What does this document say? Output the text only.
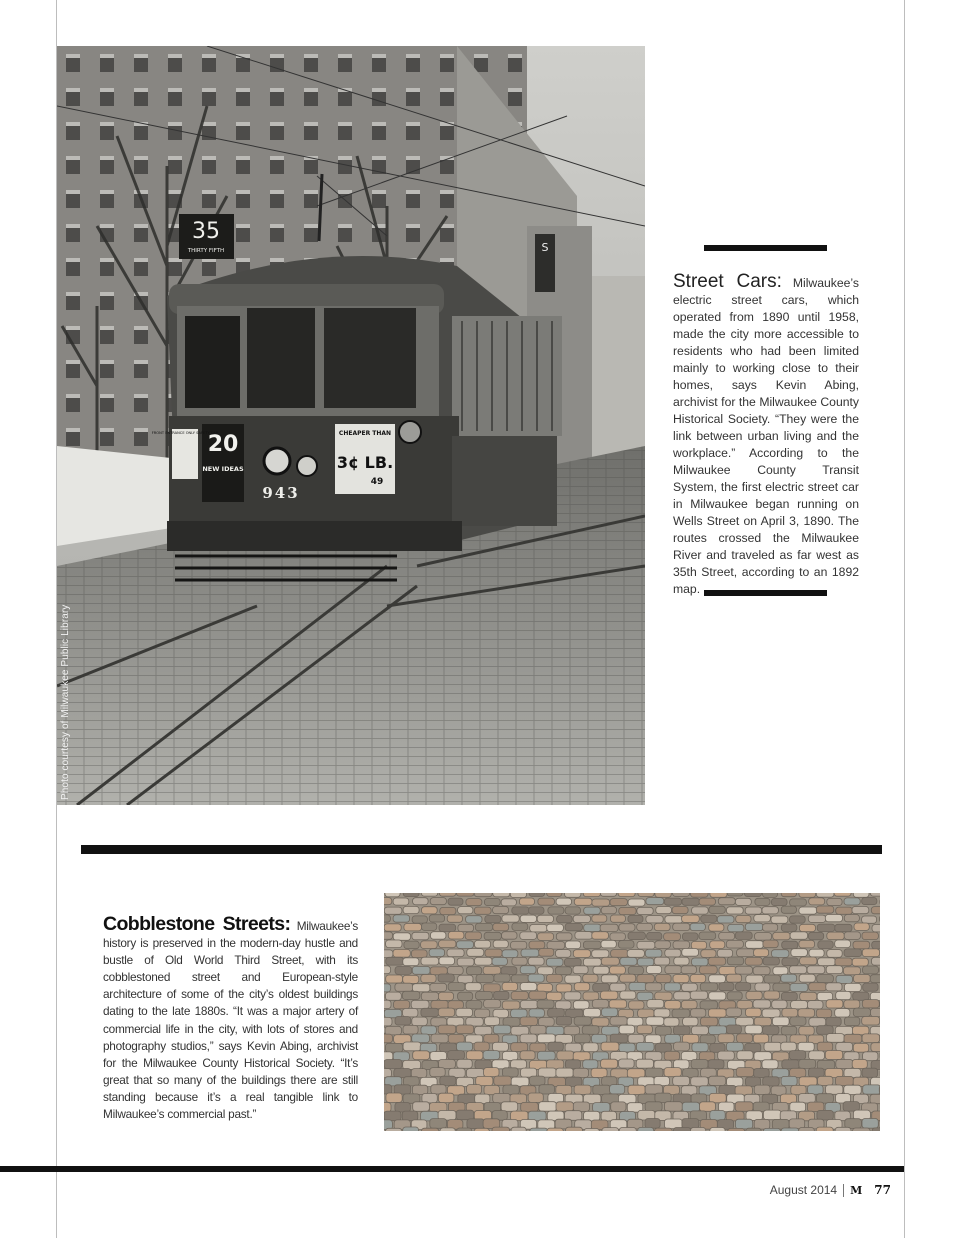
S
35
THIRTY FIFTH
20
NEW IDEAS
CHEAPER THAN
3¢ LB.
49
FRONT ENTRANCE ONLY SAFETY CAR
943
Photo courtesy of Milwaukee Public Library
Street Cars: Milwaukee’s electric street cars, which operated from 1890 until 1958, made the city more accessible to residents who had been limited mainly to working close to their homes, says Kevin Abing, archivist for the Milwaukee County Historical Society. “They were the link between urban living and the workplace.” According to the Milwaukee County Transit System, the first electric street car in Milwaukee began running on Wells Street on April 3, 1890. The routes crossed the Milwaukee River and traveled as far west as 35th Street, according to an 1892 map.
Cobblestone Streets: Milwaukee’s history is preserved in the modern-day hustle and bustle of Old World Third Street, with its cobblestoned street and European-style architecture of some of the city’s oldest buildings dating to the late 1880s. “It was a major artery of commercial life in the city, with lots of stores and photography studios,” says Kevin Abing, archivist for the Milwaukee County Historical Society. “It’s great that so many of the buildings there are still standing because it’s a real tangible link to Milwaukee’s commercial past.”
August 2014 M 77
